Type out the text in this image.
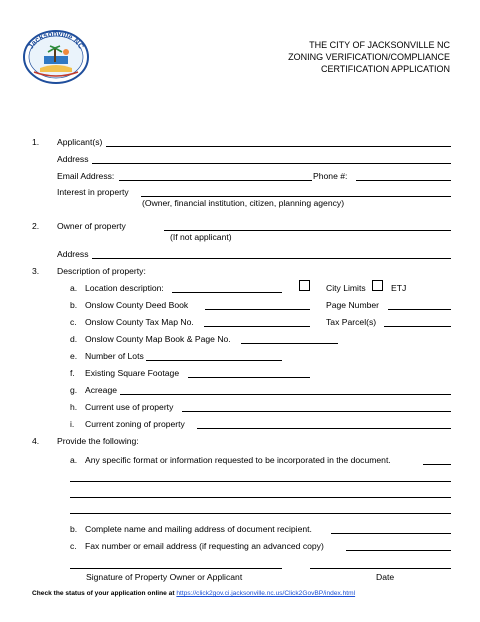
Jacksonville NC	THE CITY OF JACKSONVILLE NC
ZONING VERIFICATION/COMPLIANCE
CERTIFICATION APPLICATION
1. Applicant(s)
Address
Email Address:	Phone #:
Interest in property
(Owner, financial institution, citizen, planning agency)
2. Owner of property
(If not applicant)
Address
3. Description of property:
a. Location description:	City Limits	ETJ
b. Onslow County Deed Book	Page Number
c. Onslow County Tax Map No.	Tax Parcel(s)
d. Onslow County Map Book & Page No.
e. Number of Lots
f. Existing Square Footage
g. Acreage
h. Current use of property
i. Current zoning of property
4. Provide the following:
a. Any specific format or information requested to be incorporated in the document.
b. Complete name and mailing address of document recipient.
c. Fax number or email address (if requesting an advanced copy)
Signature of Property Owner or Applicant	Date
Check the status of your application online at https://click2gov.ci.jacksonville.nc.us/Click2GovBP/index.html
